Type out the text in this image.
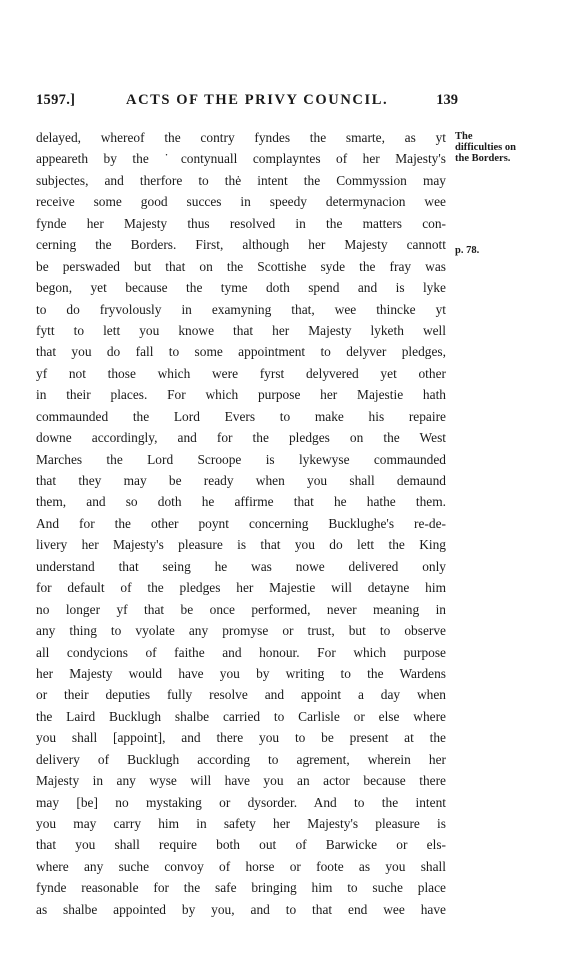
1597.]	ACTS OF THE PRIVY COUNCIL.	139
The
difficulties on
the Borders.
p. 78.
delayed, whereof the contry fyndes the smarte, as yt
appeareth by the ˙contynuall complayntes of her Majesty's
subjectes, and therfore to thė intent the Commyssion may
receive some good succes in speedy determynacion wee
fynde her Majesty thus resolved in the matters con-
cerning the Borders. First, although her Majesty cannott
be perswaded but that on the Scottishe syde the fray was
begon, yet because the tyme doth spend and is lyke
to do fryvolously in examyning that, wee thincke yt
fytt to lett you knowe that her Majesty lyketh well
that you do fall to some appointment to delyver pledges,
yf not those which were fyrst delyvered yet other
in their places. For which purpose her Majestie hath
commaunded the Lord Evers to make his repaire
downe accordingly, and for the pledges on the West
Marches the Lord Scroope is lykewyse commaunded
that they may be ready when you shall demaund
them, and so doth he affirme that he hathe them.
And for the other poynt concerning Bucklughe's re-de-
livery her Majesty's pleasure is that you do lett the King
understand that seing he was nowe delivered only
for default of the pledges her Majestie will detayne him
no longer yf that be once performed, never meaning in
any thing to vyolate any promyse or trust, but to observe
all condycions of faithe and honour. For which purpose
her Majesty would have you by writing to the Wardens
or their deputies fully resolve and appoint a day when
the Laird Bucklugh shalbe carried to Carlisle or else where
you shall [appoint], and there you to be present at the
delivery of Bucklugh according to agrement, wherein her
Majesty in any wyse will have you an actor because there
may [be] no mystaking or dysorder. And to the intent
you may carry him in safety her Majesty's pleasure is
that you shall require both out of Barwicke or els-
where any suche convoy of horse or foote as you shall
fynde reasonable for the safe bringing him to suche place
as shalbe appointed by you, and to that end wee have
